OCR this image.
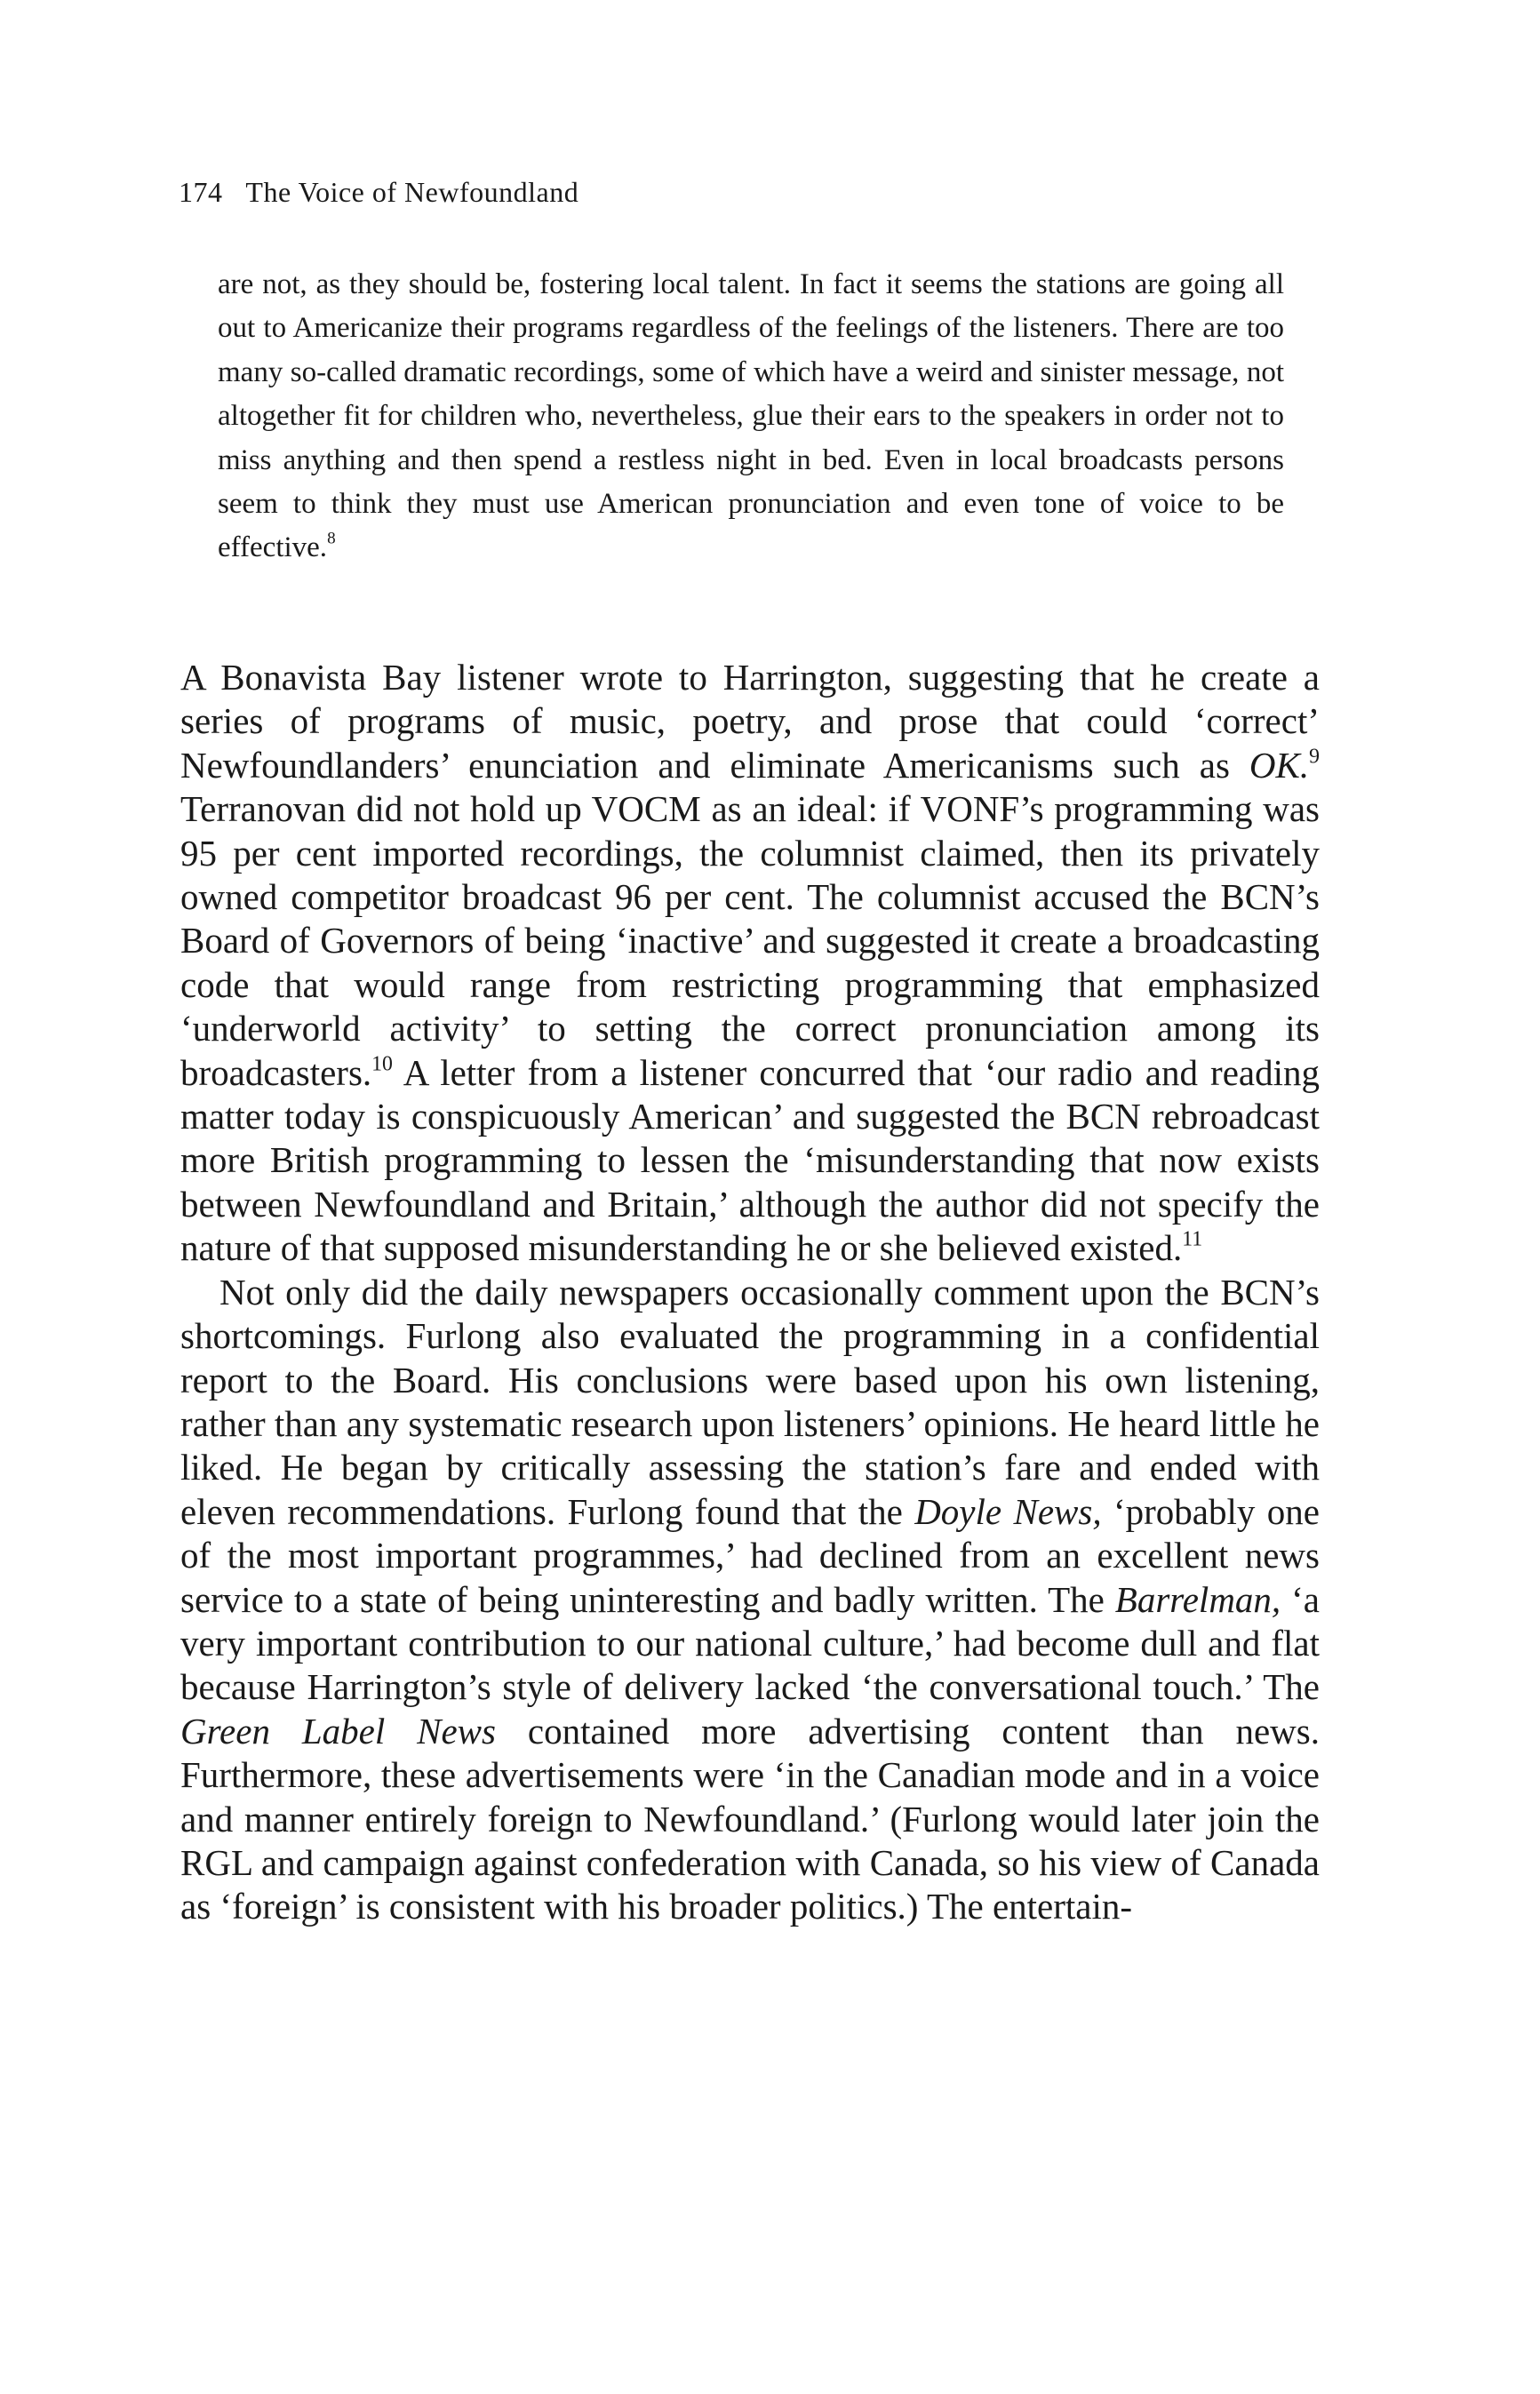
174 The Voice of Newfoundland
are not, as they should be, fostering local talent. In fact it seems the stations are going all out to Americanize their programs regardless of the feelings of the listeners. There are too many so-called dramatic recordings, some of which have a weird and sinister message, not altogether fit for children who, nevertheless, glue their ears to the speakers in order not to miss anything and then spend a restless night in bed. Even in local broadcasts persons seem to think they must use American pronunciation and even tone of voice to be effective.$^8$

A Bonavista Bay listener wrote to Harrington, suggesting that he create a series of programs of music, poetry, and prose that could ‘correct’ Newfoundlanders’ enunciation and eliminate Americanisms such as OK.$^9$ Terranovan did not hold up VOCM as an ideal: if VONF’s programming was 95 per cent imported recordings, the columnist claimed, then its privately owned competitor broadcast 96 per cent. The columnist accused the BCN’s Board of Governors of being ‘inactive’ and suggested it create a broadcasting code that would range from restricting programming that emphasized ‘underworld activity’ to setting the correct pronunciation among its broadcasters.$^{10}$ A letter from a listener concurred that ‘our radio and reading matter today is conspicuously American’ and suggested the BCN rebroadcast more British programming to lessen the ‘misunderstanding that now exists between Newfoundland and Britain,’ although the author did not specify the nature of that supposed misunderstanding he or she believed existed.$^{11}$

Not only did the daily newspapers occasionally comment upon the BCN’s shortcomings. Furlong also evaluated the programming in a confidential report to the Board. His conclusions were based upon his own listening, rather than any systematic research upon listeners’ opinions. He heard little he liked. He began by critically assessing the station’s fare and ended with eleven recommendations. Furlong found that the Doyle News, ‘probably one of the most important programmes,’ had declined from an excellent news service to a state of being uninteresting and badly written. The Barrelman, ‘a very important contribution to our national culture,’ had become dull and flat because Harrington’s style of delivery lacked ‘the conversational touch.’ The Green Label News contained more advertising content than news. Furthermore, these advertisements were ‘in the Canadian mode and in a voice and manner entirely foreign to Newfoundland.’ (Furlong would later join the RGL and campaign against confederation with Canada, so his view of Canada as ‘foreign’ is consistent with his broader politics.) The entertain-
